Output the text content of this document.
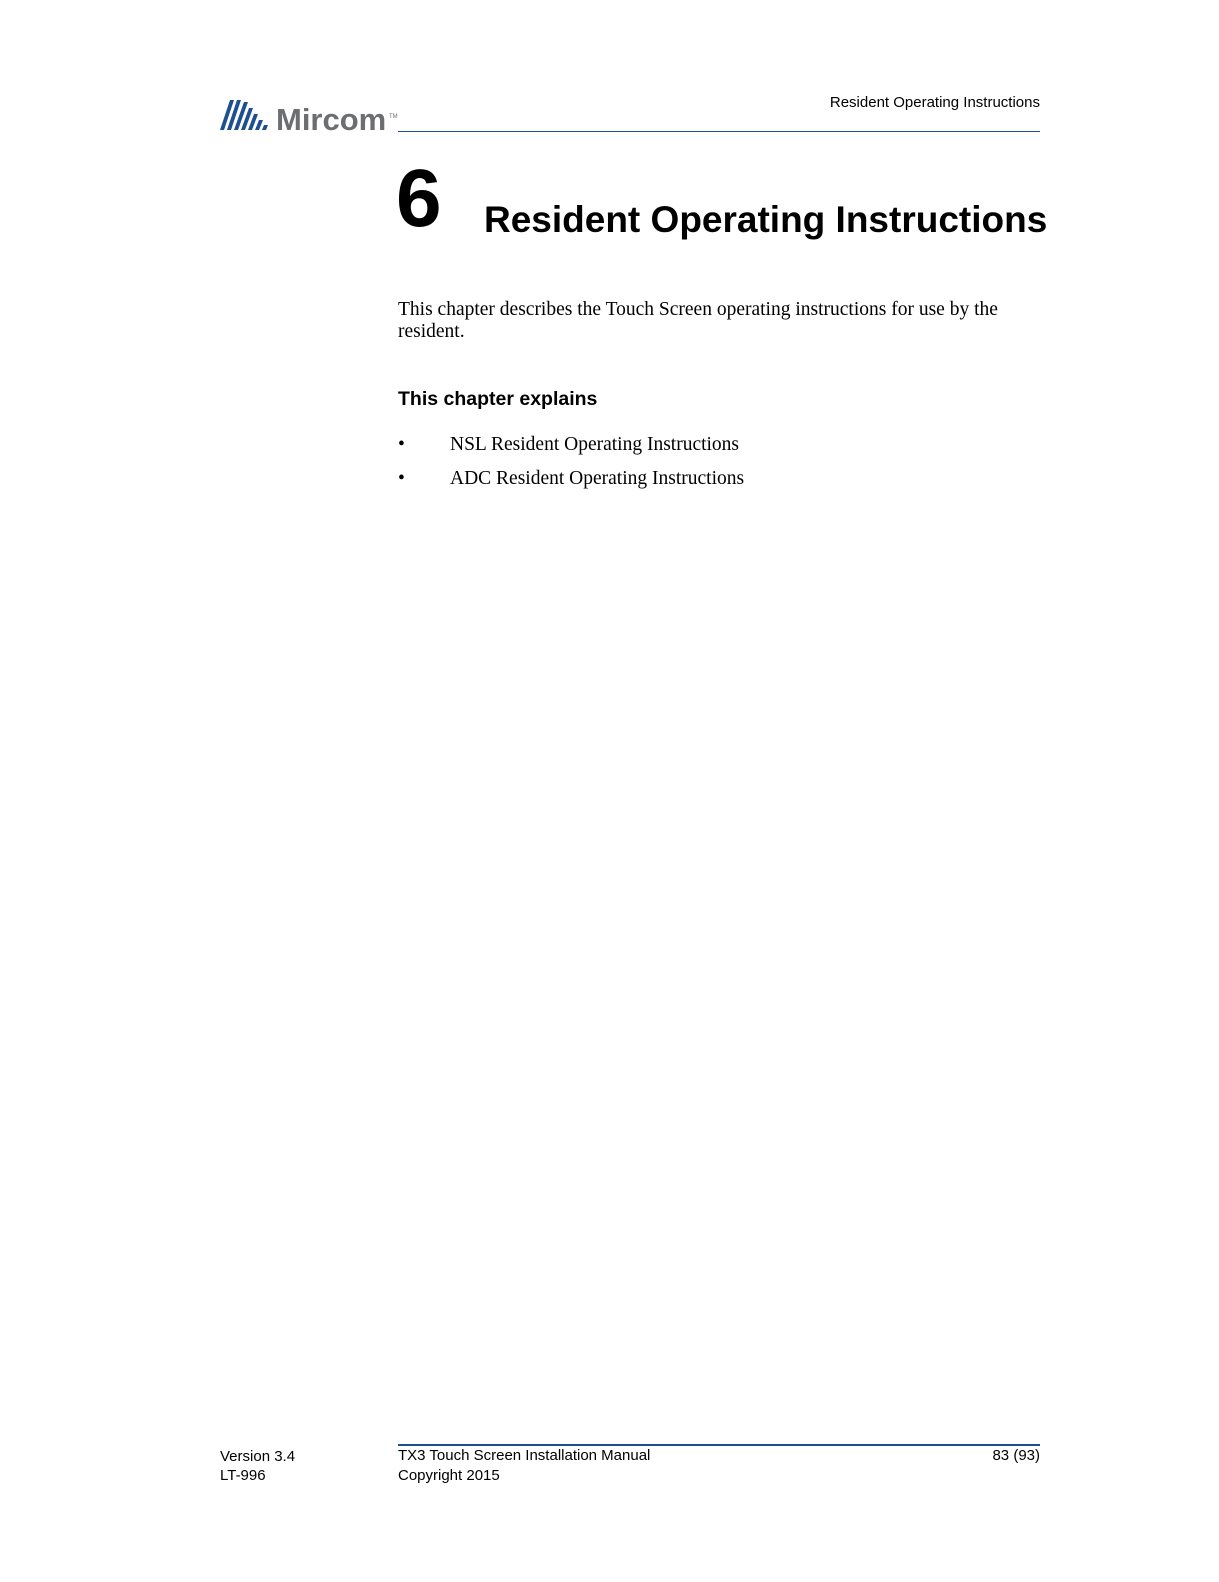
Mircom TM
Resident Operating Instructions
6 Resident Operating Instructions

This chapter describes the Touch Screen operating instructions for use by the resident.

This chapter explains
• NSL Resident Operating Instructions
• ADC Resident Operating Instructions
Version 3.4
LT-996
TX3 Touch Screen Installation Manual
Copyright 2015
83 (93)
